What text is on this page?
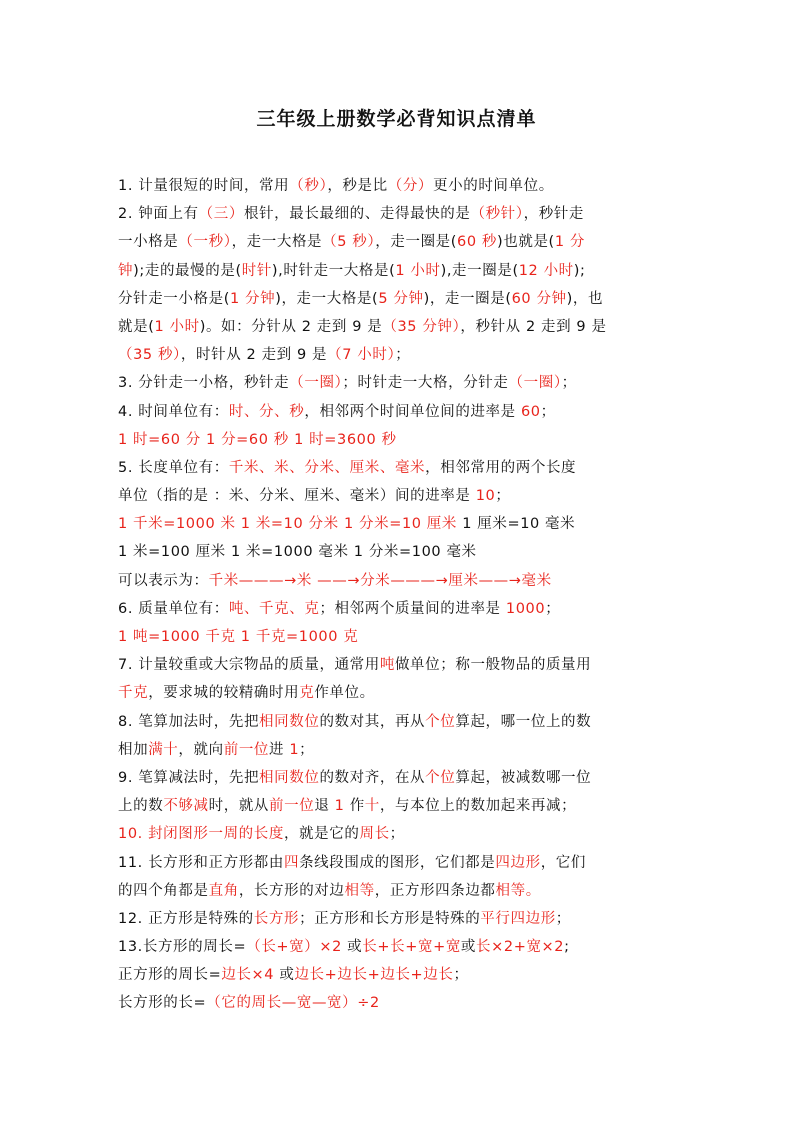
三年级上册数学必背知识点清单
1. 计量很短的时间，常用（秒），秒是比（分）更小的时间单位。
2. 钟面上有（三）根针，最长最细的、走得最快的是（秒针），秒针走
一小格是（一秒），走一大格是（5 秒），走一圈是(60 秒)也就是(1 分
钟);走的最慢的是(时针),时针走一大格是(1 小时),走一圈是(12 小时);
分针走一小格是(1 分钟)，走一大格是(5 分钟)，走一圈是(60 分钟)，也
就是(1 小时)。如：分针从 2 走到 9 是（35 分钟），秒针从 2 走到 9 是
（35 秒），时针从 2 走到 9 是（7 小时）；
3. 分针走一小格，秒针走（一圈）；时针走一大格，分针走（一圈）；
4. 时间单位有：时、分、秒，相邻两个时间单位间的进率是 60；
1 时=60 分 1 分=60 秒 1 时=3600 秒
5. 长度单位有：千米、米、分米、厘米、毫米，相邻常用的两个长度
单位（指的是 ：米、分米、厘米、毫米）间的进率是 10；
1 千米=1000 米 1 米=10 分米 1 分米=10 厘米 1 厘米=10 毫米
1 米=100 厘米 1 米=1000 毫米 1 分米=100 毫米
可以表示为：千米———→米 ——→分米———→厘米——→毫米
6. 质量单位有：吨、千克、克；相邻两个质量间的进率是 1000；
1 吨=1000 千克 1 千克=1000 克
7. 计量较重或大宗物品的质量，通常用吨做单位；称一般物品的质量用
千克，要求城的较精确时用克作单位。
8. 笔算加法时，先把相同数位的数对其，再从个位算起，哪一位上的数
相加满十，就向前一位进 1；
9. 笔算减法时，先把相同数位的数对齐，在从个位算起，被减数哪一位
上的数不够减时，就从前一位退 1 作十，与本位上的数加起来再减；
10. 封闭图形一周的长度，就是它的周长；
11. 长方形和正方形都由四条线段围成的图形，它们都是四边形，它们
的四个角都是直角，长方形的对边相等，正方形四条边都相等。
12. 正方形是特殊的长方形；正方形和长方形是特殊的平行四边形；
13.长方形的周长=（长+宽）×2 或长+长+宽+宽或长×2+宽×2;
正方形的周长=边长×4 或边长+边长+边长+边长；
长方形的长=（它的周长—宽—宽）÷2
